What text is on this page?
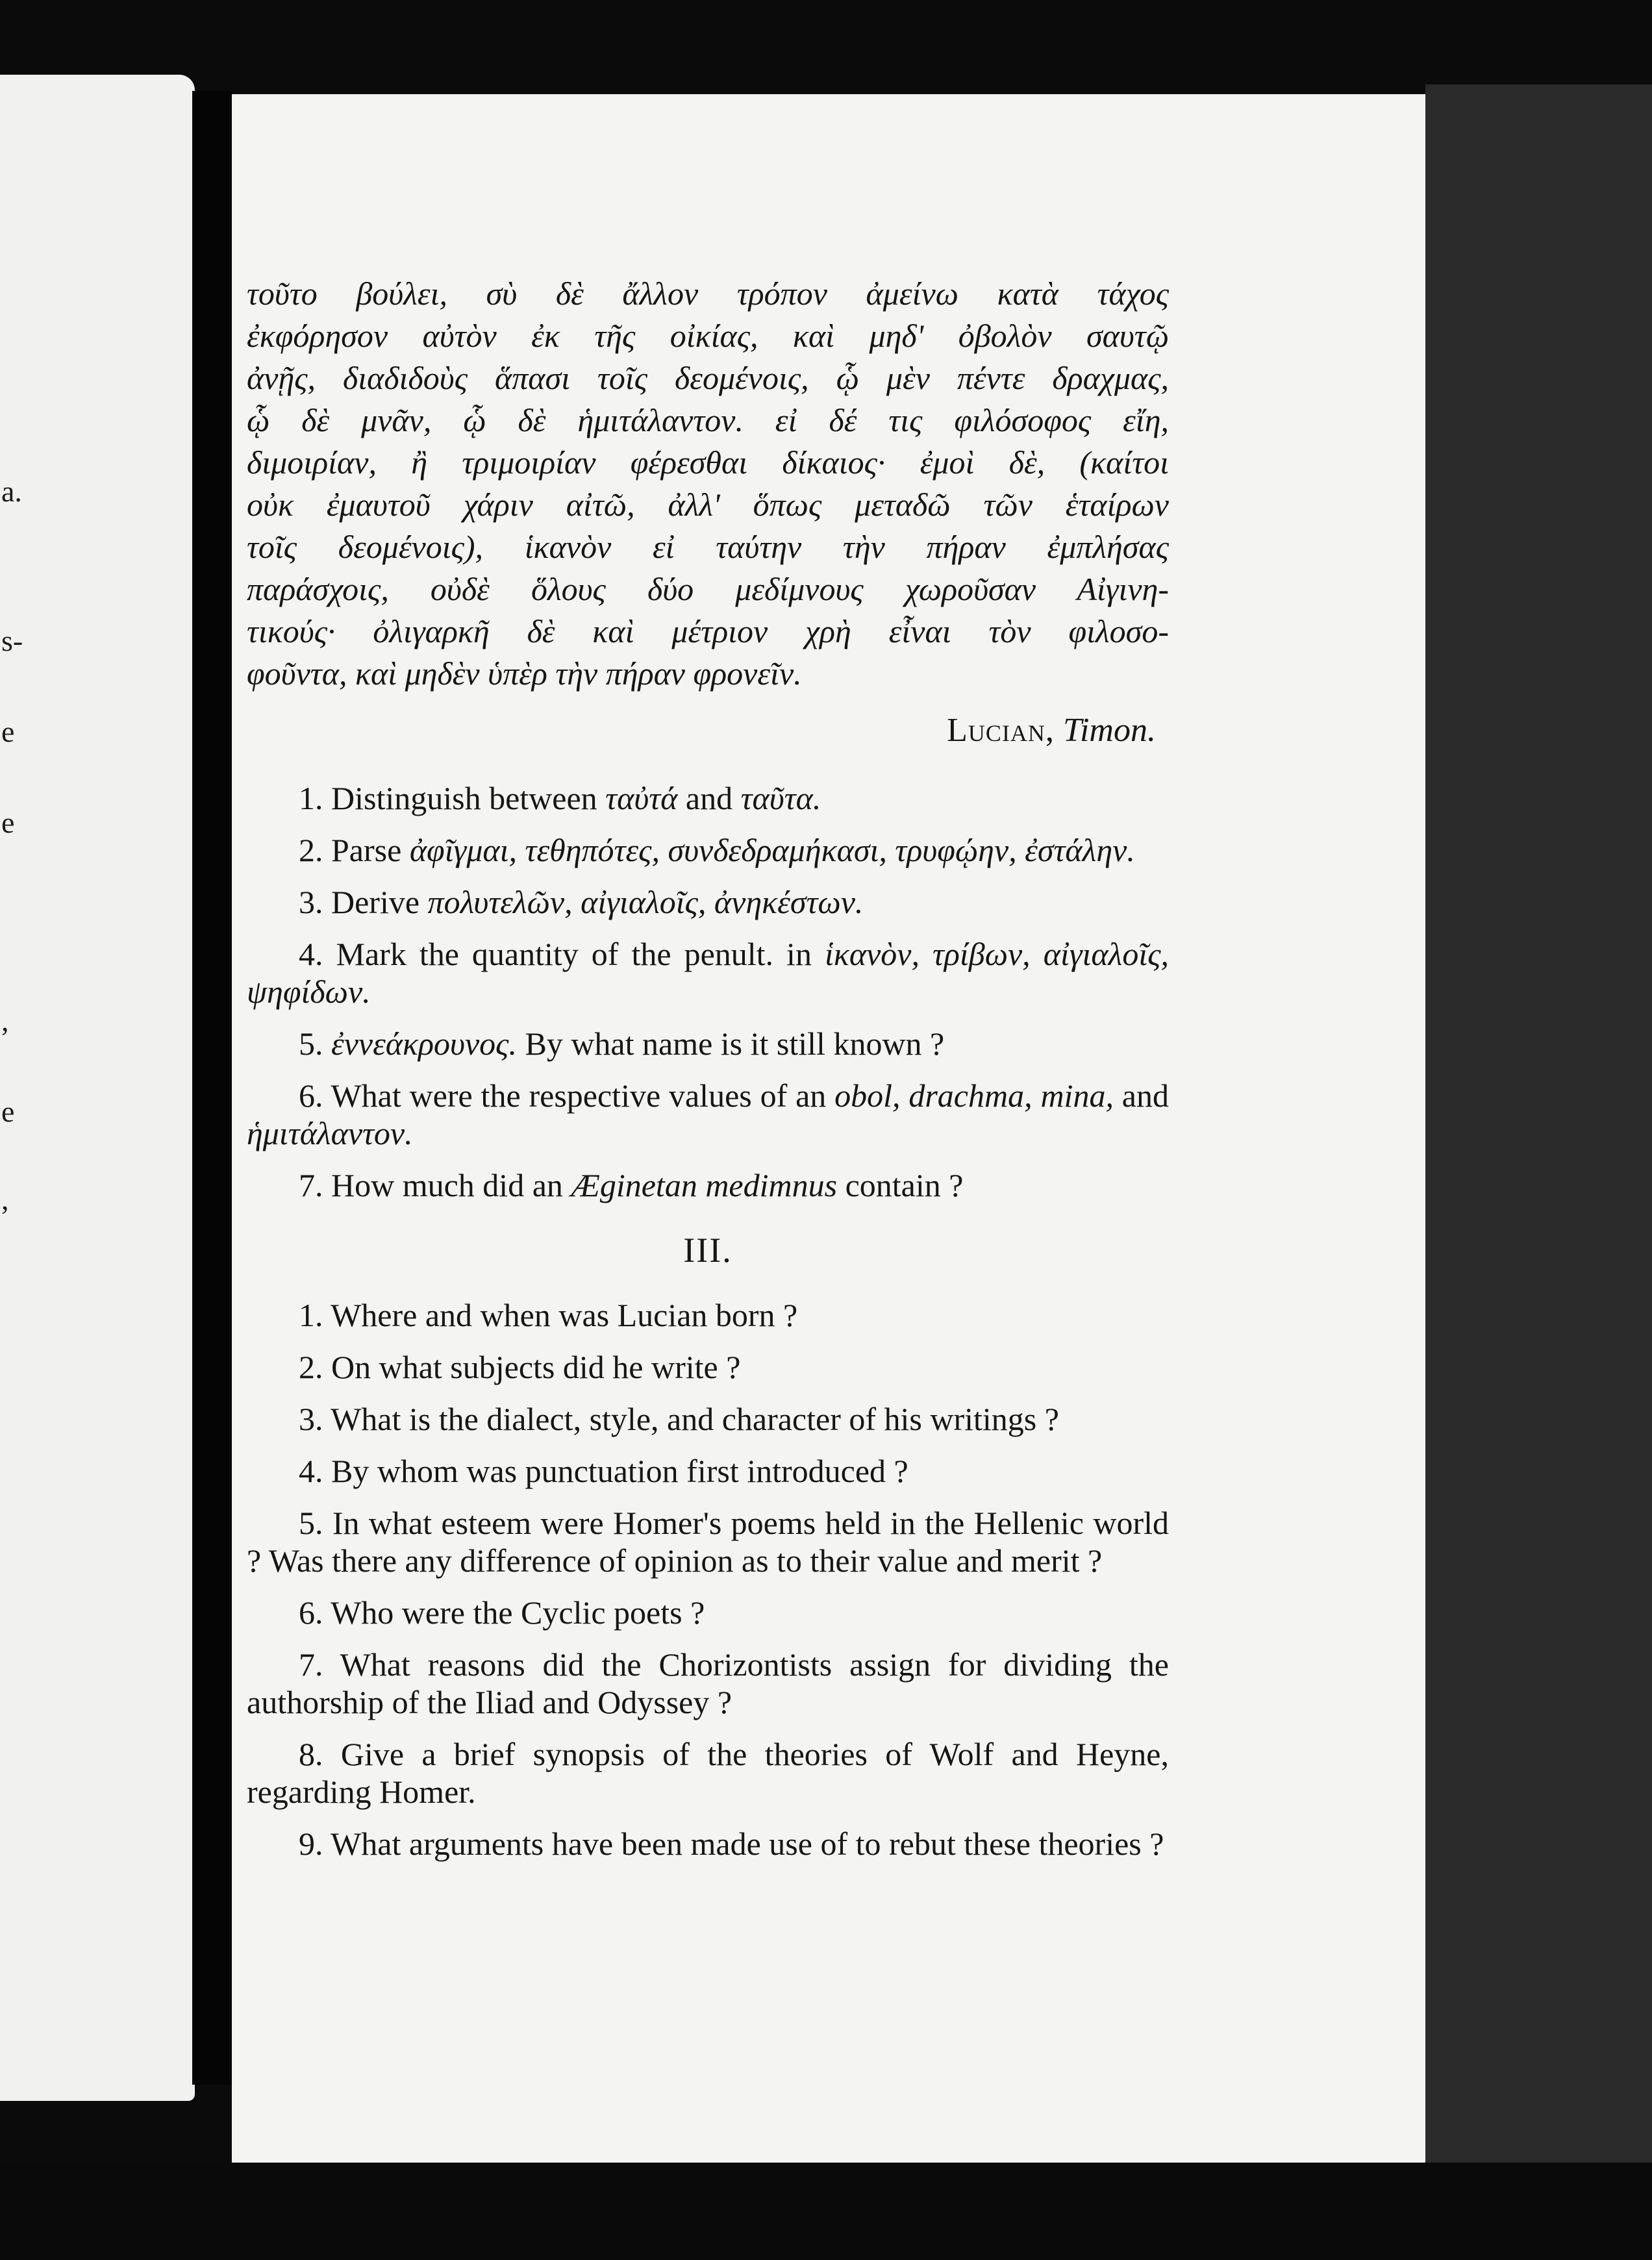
a.
s-
e
e
,
e
,

τοῦτο βούλει, σὺ δὲ ἄλλον τρόπον ἀμείνω κατὰ τάχος

ἐκφόρησον αὐτὸν ἐκ τῆς οἰκίας, καὶ μηδ' ὀβολὸν σαυτῷ

ἀνῇς, διαδιδοὺς ἅπασι τοῖς δεομένοις, ᾧ μὲν πέντε δραχμας,

ᾧ δὲ μνᾶν, ᾧ δὲ ἡμιτάλαντον. εἰ δέ τις φιλόσοφος εἴη,

διμοιρίαν, ἢ τριμοιρίαν φέρεσθαι δίκαιος· ἐμοὶ δὲ, (καίτοι

οὐκ ἐμαυτοῦ χάριν αἰτῶ, ἀλλ' ὅπως μεταδῶ τῶν ἑταίρων

τοῖς δεομένοις), ἱκανὸν εἰ ταύτην τὴν πήραν ἐμπλήσας

παράσχοις, οὐδὲ ὅλους δύο μεδίμνους χωροῦσαν Αἰγινη-

τικούς· ὀλιγαρκῆ δὲ καὶ μέτριον χρὴ εἶναι τὸν φιλοσο-

φοῦντα, καὶ μηδὲν ὑπὲρ τὴν πήραν φρονεῖν.

Lucian, Timon.
1. Distinguish between ταὐτά and ταῦτα.
2. Parse ἀφῖγμαι, τεθηπότες, συνδεδραμήκασι, τρυφῴην, ἐστάλην.
3. Derive πολυτελῶν, αἰγιαλοῖς, ἀνηκέστων.
4. Mark the quantity of the penult. in ἱκανὸν, τρίβων, αἰγιαλοῖς, ψηφίδων.
5. ἐννεάκρουνος. By what name is it still known ?
6. What were the respective values of an obol, drachma, mina, and ἡμιτάλαντον.
7. How much did an Æginetan medimnus contain ?
III.
1. Where and when was Lucian born ?
2. On what subjects did he write ?
3. What is the dialect, style, and character of his writings ?
4. By whom was punctuation first introduced ?
5. In what esteem were Homer's poems held in the Hellenic world ? Was there any difference of opinion as to their value and merit ?
6. Who were the Cyclic poets ?
7. What reasons did the Chorizontists assign for dividing the authorship of the Iliad and Odyssey ?
8. Give a brief synopsis of the theories of Wolf and Heyne, regarding Homer.
9. What arguments have been made use of to rebut these theories ?
